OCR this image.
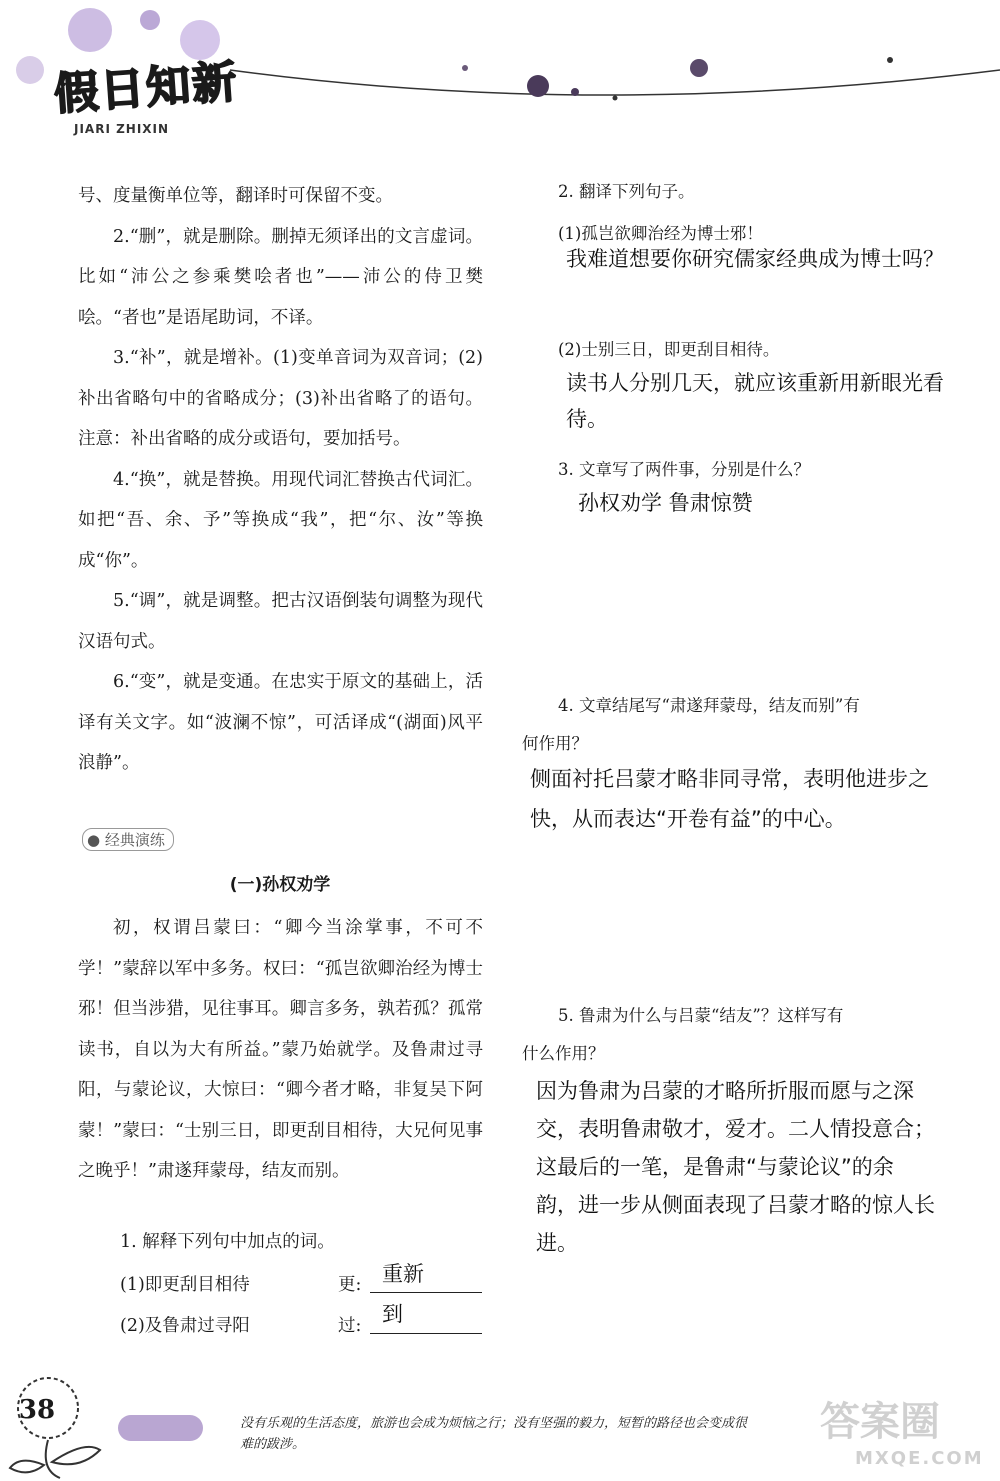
假日知新
JIARI ZHIXIN

号、度量衡单位等，翻译时可保留不变。

2.“删”，就是删除。删掉无须译出的文言虚词。比如“沛公之参乘樊哙者也”——沛公的侍卫樊哙。“者也”是语尾助词，不译。

3.“补”，就是增补。(1)变单音词为双音词；(2)补出省略句中的省略成分；(3)补出省略了的语句。注意：补出省略的成分或语句，要加括号。

4.“换”，就是替换。用现代词汇替换古代词汇。如把“吾、余、予”等换成“我”，把“尔、汝”等换成“你”。

5.“调”，就是调整。把古汉语倒装句调整为现代汉语句式。

6.“变”，就是变通。在忠实于原文的基础上，活译有关文字。如“波澜不惊”，可活译成“(湖面)风平浪静”。

● 经典演练
(一)孙权劝学
初，权谓吕蒙曰：“卿今当涂掌事，不可不学！”蒙辞以军中多务。权曰：“孤岂欲卿治经为博士邪！但当涉猎，见往事耳。卿言多务，孰若孤？孤常读书，自以为大有所益。”蒙乃始就学。及鲁肃过寻阳，与蒙论议，大惊曰：“卿今者才略，非复吴下阿蒙！”蒙曰：“士别三日，即更刮目相待，大兄何见事之晚乎！”肃遂拜蒙母，结友而别。
1. 解释下列句中加点的词。
(1)即更刮目相待	更: 重新
(2)及鲁肃过寻阳	过: 到
2. 翻译下列句子。
(1)孤岂欲卿治经为博士邪！
我难道想要你研究儒家经典成为博士吗？
(2)士别三日，即更刮目相待。
读书人分别几天，就应该重新用新眼光看
待。
3. 文章写了两件事，分别是什么？
孙权劝学 鲁肃惊赞
4. 文章结尾写“肃遂拜蒙母，结友而别”有
何作用？
侧面衬托吕蒙才略非同寻常，表明他进步之
快，从而表达“开卷有益”的中心。
5. 鲁肃为什么与吕蒙“结友”？这样写有
什么作用？
因为鲁肃为吕蒙的才略所折服而愿与之深
交，表明鲁肃敬才，爱才。二人情投意合；
这最后的一笔，是鲁肃“与蒙论议”的余
韵，进一步从侧面表现了吕蒙才略的惊人长
进。
38	没有乐观的生活态度，旅游也会成为烦恼之行；没有坚强的毅力，短暂的路径也会变成很
难的跋涉。	答案圈
MXQE.COM
